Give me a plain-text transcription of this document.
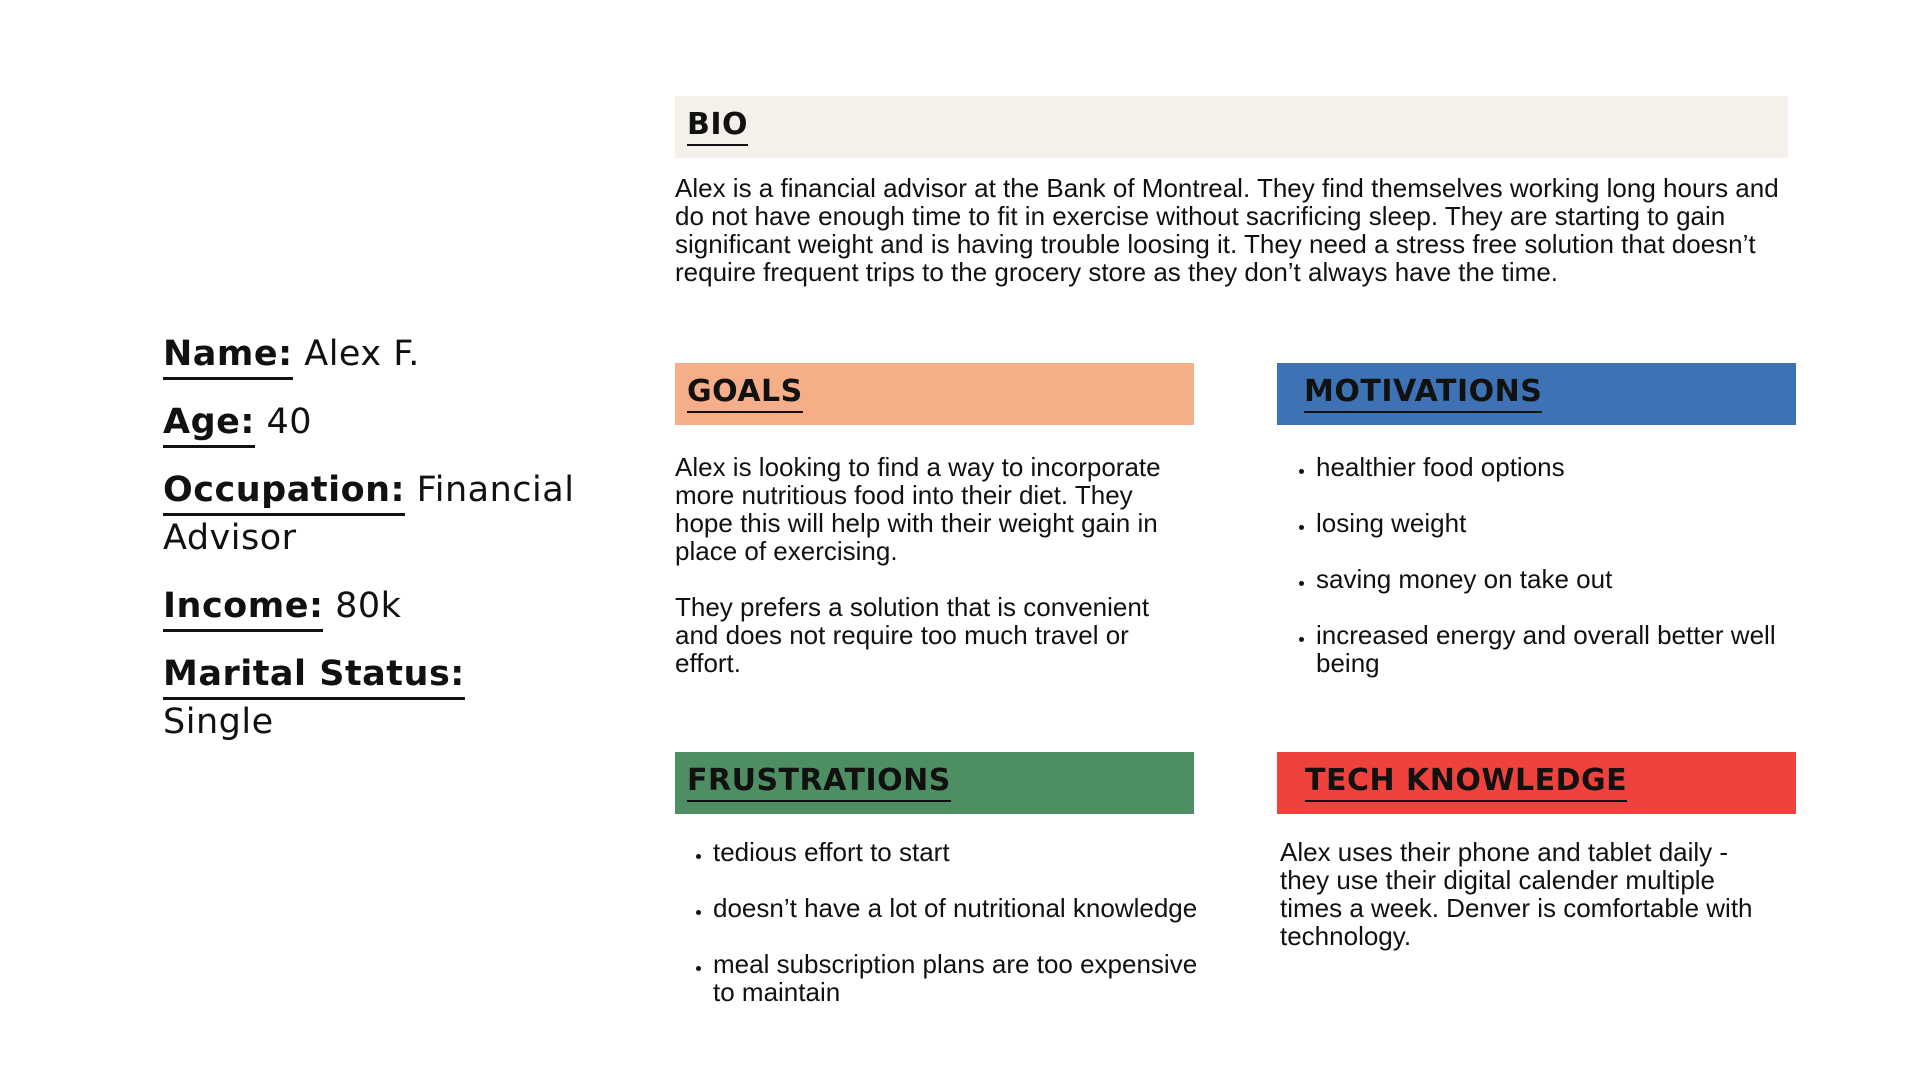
Name: Alex F.
Age: 40
Occupation: Financial Advisor
Income: 80k
Marital Status: Single
BIO
Alex is a financial advisor at the Bank of Montreal. They find themselves working long hours and do not have enough time to fit in exercise without sacrificing sleep. They are starting to gain significant weight and is having trouble loosing it. They need a stress free solution that doesn’t require frequent trips to the grocery store as they don’t always have the time.
GOALS

Alex is looking to find a way to incorporate more nutritious food into their diet. They hope this will help with their weight gain in place of exercising.

They prefers a solution that is convenient and does not require too much travel or effort.

MOTIVATIONS
• healthier food options
• losing weight
• saving money on take out
• increased energy and overall better well being
FRUSTRATIONS
• tedious effort to start
• doesn’t have a lot of nutritional knowledge
• meal subscription plans are too expensive to maintain
TECH KNOWLEDGE
Alex uses their phone and tablet daily - they use their digital calender multiple times a week. Denver is comfortable with technology.
